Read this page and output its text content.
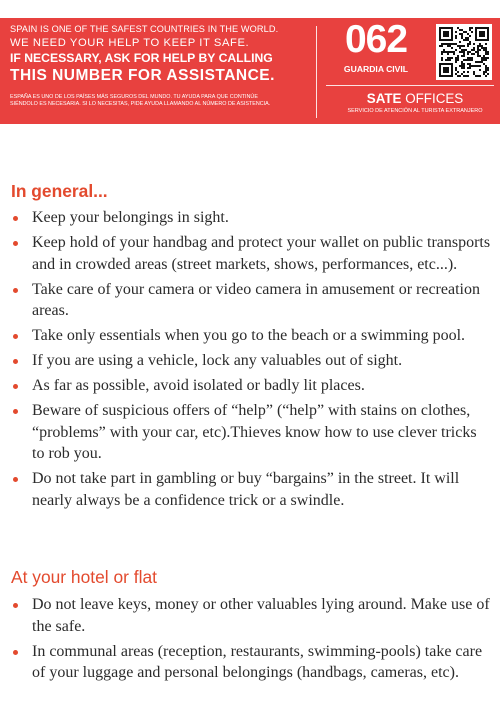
SPAIN IS ONE OF THE SAFEST COUNTRIES IN THE WORLD.
WE NEED YOUR HELP TO KEEP IT SAFE.
IF NECESSARY, ASK FOR HELP BY CALLING
THIS NUMBER FOR ASSISTANCE.
ESPAÑA ES UNO DE LOS PAÍSES MÁS SEGUROS DEL MUNDO. TU AYUDA PARA QUE CONTINÚE
SIÉNDOLO ES NECESARIA. SI LO NECESITAS, PIDE AYUDA LLAMANDO AL NÚMERO DE ASISTENCIA.
062
GUARDIA CIVIL
SATE OFFICES
SERVICIO DE ATENCIÓN AL TURISTA EXTRANJERO
In general...
Keep your belongings in sight.
Keep hold of your handbag and protect your wallet on public transports and in crowded areas (street markets, shows, performances, etc...).
Take care of your camera or video camera in amusement or recreation areas.
Take only essentials when you go to the beach or a swimming pool.
If you are using a vehicle, lock any valuables out of sight.
As far as possible, avoid isolated or badly lit places.
Beware of suspicious offers of “help” (“help” with stains on clothes, “problems” with your car, etc).Thieves know how to use clever tricks to rob you.
Do not take part in gambling or buy “bargains” in the street. It will nearly always be a confidence trick or a swindle.
At your hotel or flat
Do not leave keys, money or other valuables lying around. Make use of the safe.
In communal areas (reception, restaurants, swimming-pools) take care of your luggage and personal belongings (handbags, cameras, etc).
